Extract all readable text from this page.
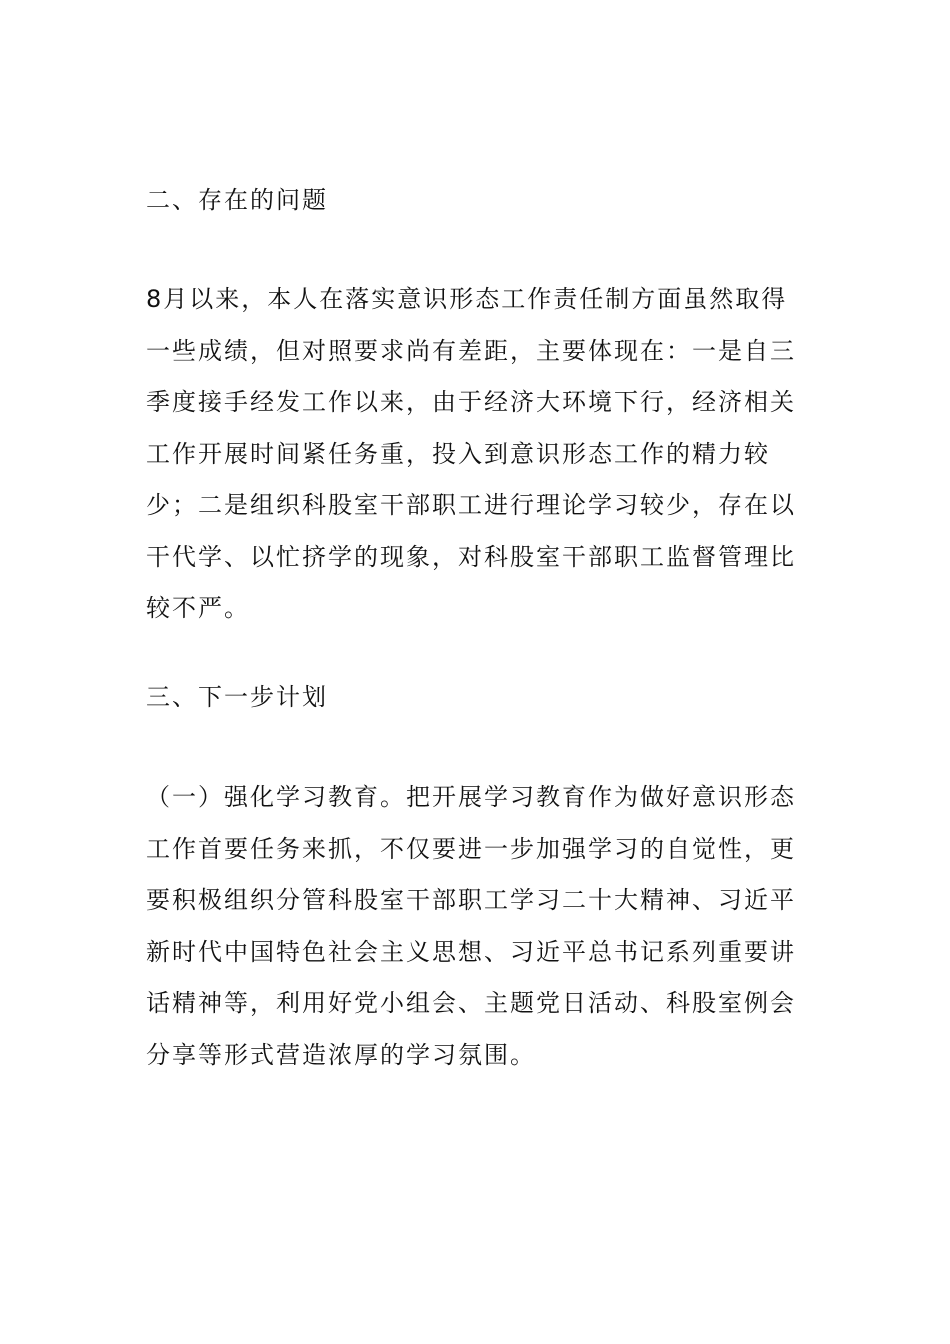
二、存在的问题

8月以来，本人在落实意识形态工作责任制方面虽然取得一些成绩，但对照要求尚有差距，主要体现在：一是自三季度接手经发工作以来，由于经济大环境下行，经济相关工作开展时间紧任务重，投入到意识形态工作的精力较少；二是组织科股室干部职工进行理论学习较少，存在以干代学、以忙挤学的现象，对科股室干部职工监督管理比较不严。

三、下一步计划

（一）强化学习教育。把开展学习教育作为做好意识形态工作首要任务来抓，不仅要进一步加强学习的自觉性，更要积极组织分管科股室干部职工学习二十大精神、习近平新时代中国特色社会主义思想、习近平总书记系列重要讲话精神等，利用好党小组会、主题党日活动、科股室例会分享等形式营造浓厚的学习氛围。
